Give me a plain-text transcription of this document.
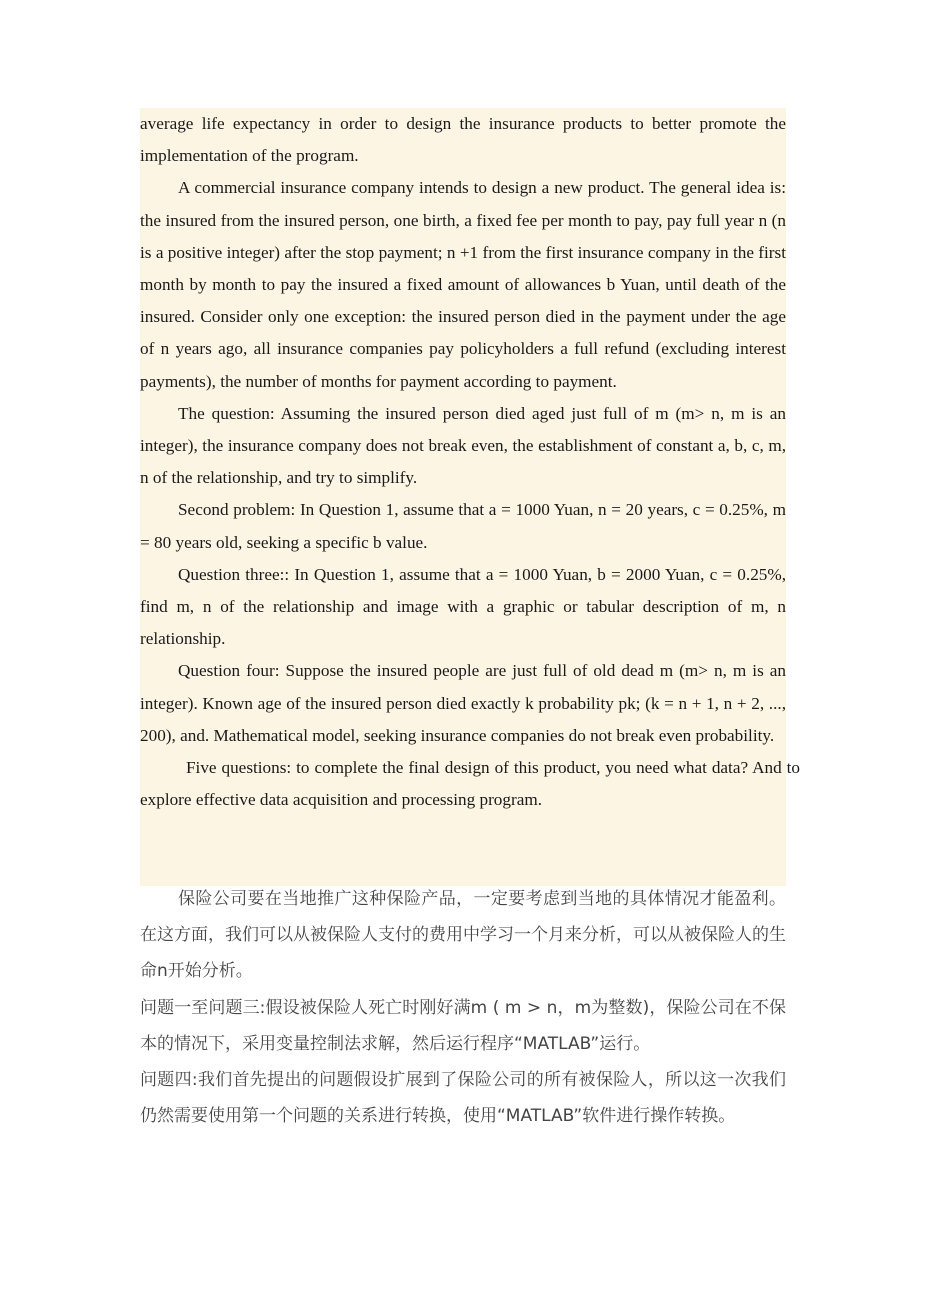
average life expectancy in order to design the insurance products to better promote the implementation of the program.

A commercial insurance company intends to design a new product. The general idea is: the insured from the insured person, one birth, a fixed fee per month to pay, pay full year n (n is a positive integer) after the stop payment; n +1 from the first insurance company in the first month by month to pay the insured a fixed amount of allowances b Yuan, until death of the insured. Consider only one exception: the insured person died in the payment under the age of n years ago, all insurance companies pay policyholders a full refund (excluding interest payments), the number of months for payment according to payment.

The question: Assuming the insured person died aged just full of m (m> n, m is an integer), the insurance company does not break even, the establishment of constant a, b, c, m, n of the relationship, and try to simplify.

Second problem: In Question 1, assume that a = 1000 Yuan, n = 20 years, c = 0.25%, m = 80 years old, seeking a specific b value.

Question three:: In Question 1, assume that a = 1000 Yuan, b = 2000 Yuan, c = 0.25%, find m, n of the relationship and image with a graphic or tabular description of m, n relationship.

Question four: Suppose the insured people are just full of old dead m (m> n, m is an integer). Known age of the insured person died exactly k probability pk; (k = n + 1, n + 2, ..., 200), and. Mathematical model, seeking insurance companies do not break even probability.

Five questions: to complete the final design of this product, you need what data? And to explore effective data acquisition and processing program.

保险公司要在当地推广这种保险产品，一定要考虑到当地的具体情况才能盈利。在这方面，我们可以从被保险人支付的费用中学习一个月来分析，可以从被保险人的生命n开始分析。

问题一至问题三:假设被保险人死亡时刚好满m ( m > n，m为整数)，保险公司在不保本的情况下，采用变量控制法求解，然后运行程序“MATLAB”运行。

问题四:我们首先提出的问题假设扩展到了保险公司的所有被保险人，所以这一次我们仍然需要使用第一个问题的关系进行转换，使用“MATLAB”软件进行操作转换。
